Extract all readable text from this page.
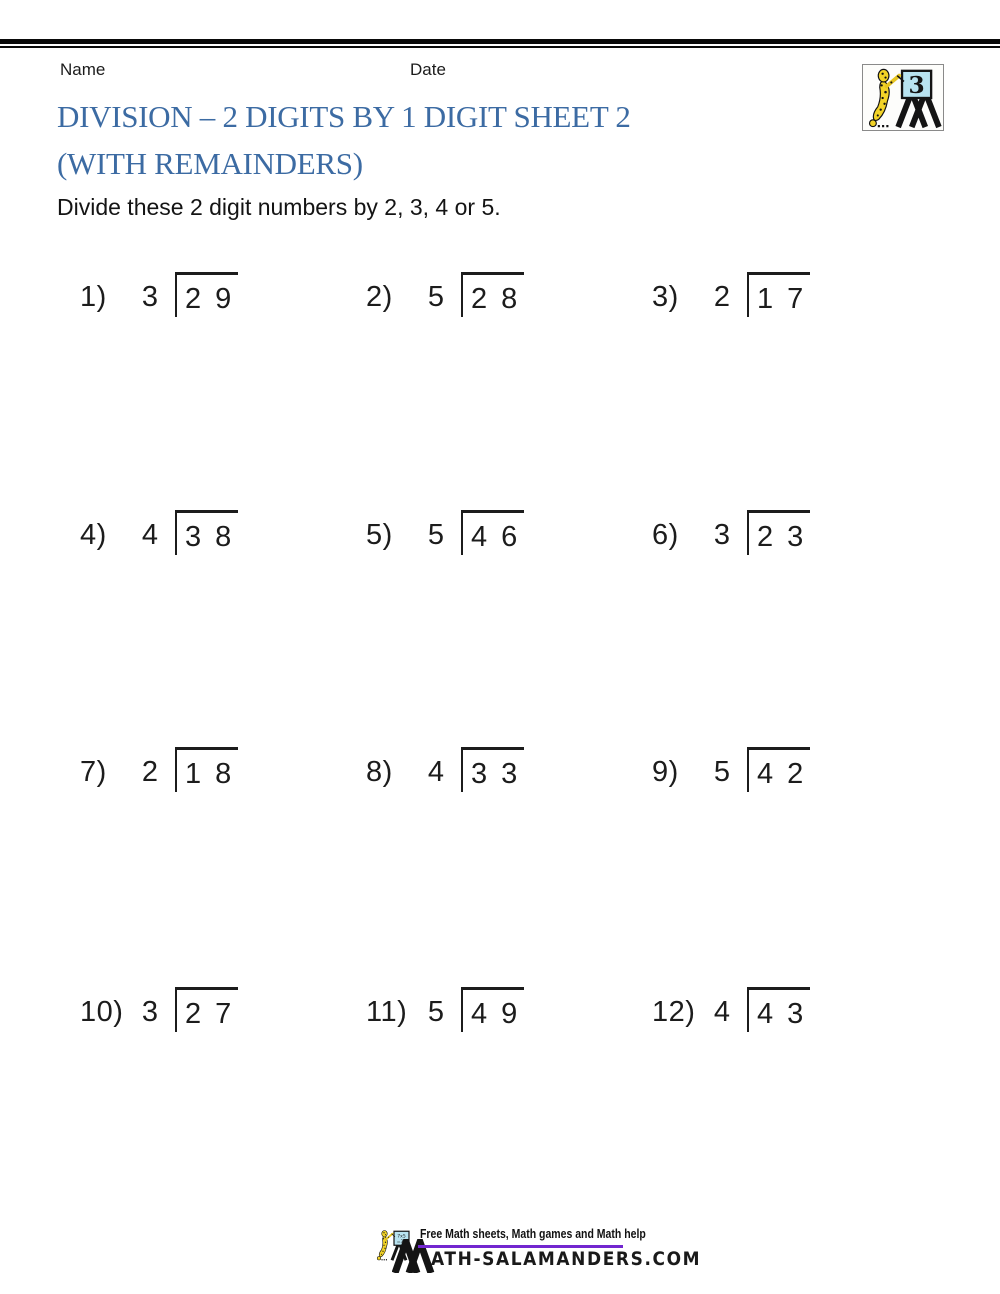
Name	Date
3
DIVISION – 2 DIGITS BY 1 DIGIT SHEET 2
(WITH REMAINDERS)
Divide these 2 digit numbers by 2, 3, 4 or 5.
1)	3 2 9	2)	5 2 8	3)	2 1 7
4)	4 3 8	5)	5 4 6	6)	3 2 3
7)	2 1 8	8)	4 3 3	9)	5 4 2
10) 3 2 7	11) 5 4 9	12) 4 4 3
7x5
=35
Free Math sheets, Math games and Math help
ATH-SALAMANDERS.COM
